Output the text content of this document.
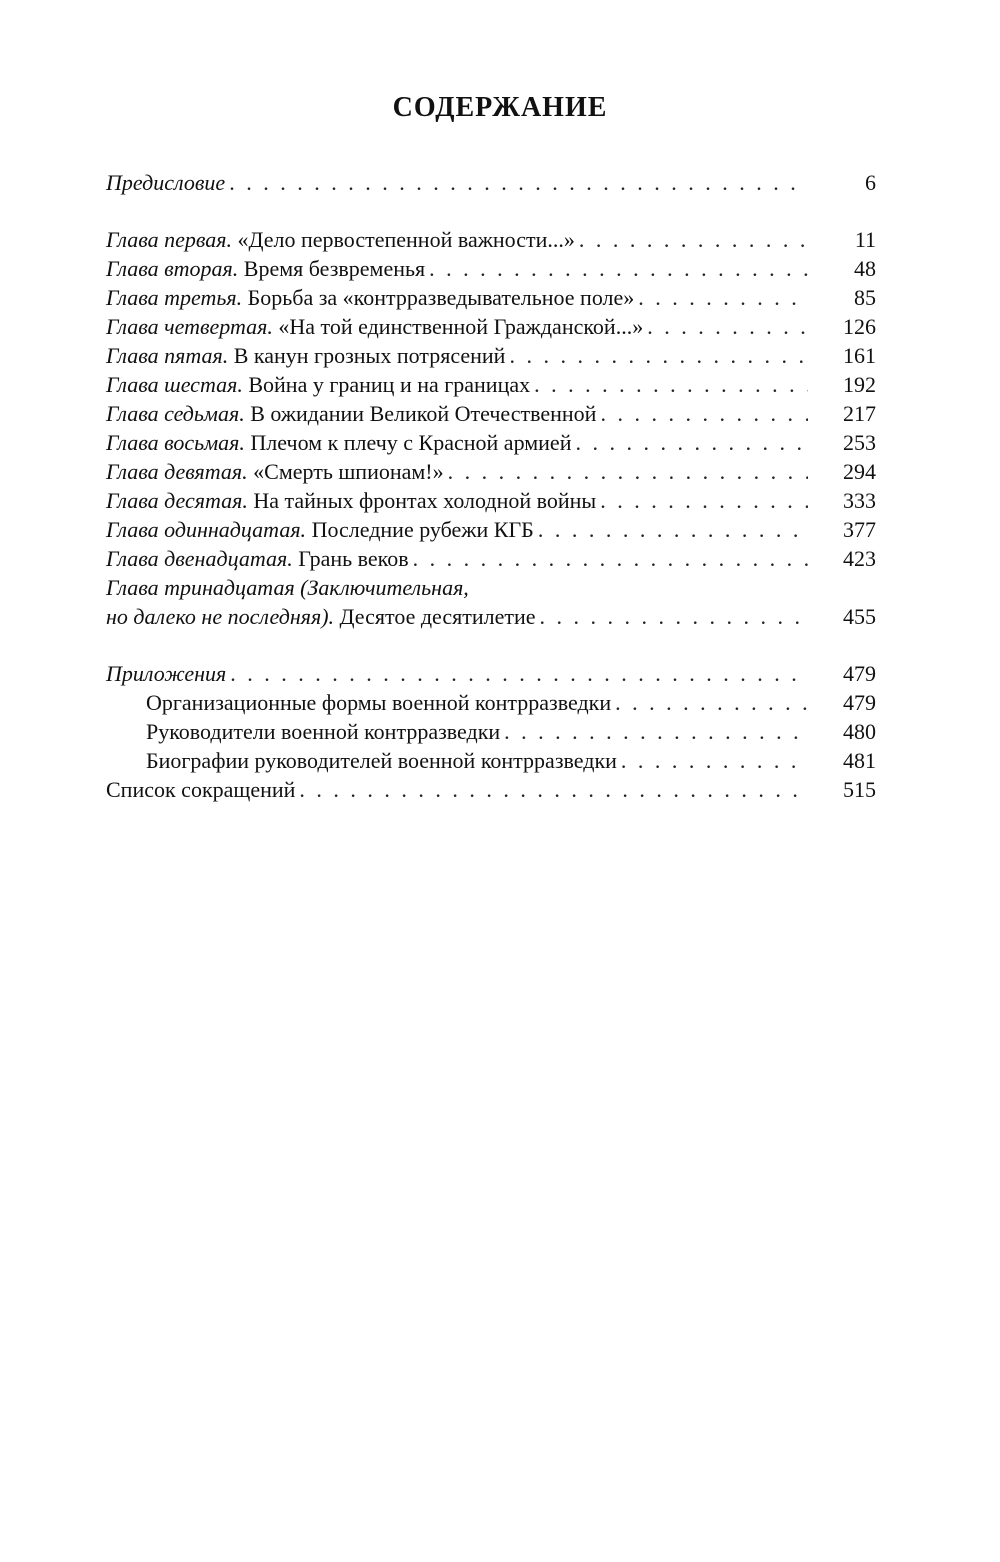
СОДЕРЖАНИЕ
Предисловие . . .	6
Глава первая. «Дело первостепенной важности...» . . .	11
Глава вторая. Время безвременья . . .	48
Глава третья. Борьба за «контрразведывательное поле» . . .	85
Глава четвертая. «На той единственной Гражданской...» . . .	126
Глава пятая. В канун грозных потрясений . . .	161
Глава шестая. Война у границ и на границах . . .	192
Глава седьмая. В ожидании Великой Отечественной . . .	217
Глава восьмая. Плечом к плечу с Красной армией . . .	253
Глава девятая. «Смерть шпионам!» . . .	294
Глава десятая. На тайных фронтах холодной войны . . .	333
Глава одиннадцатая. Последние рубежи КГБ . . .	377
Глава двенадцатая. Грань веков . . .	423
Глава тринадцатая (Заключительная,
но далеко не последняя). Десятое десятилетие . . .	455
Приложения . . .	479
Организационные формы военной контрразведки . . .	479
Руководители военной контрразведки . . .	480
Биографии руководителей военной контрразведки . . .	481
Список сокращений . . .	515
